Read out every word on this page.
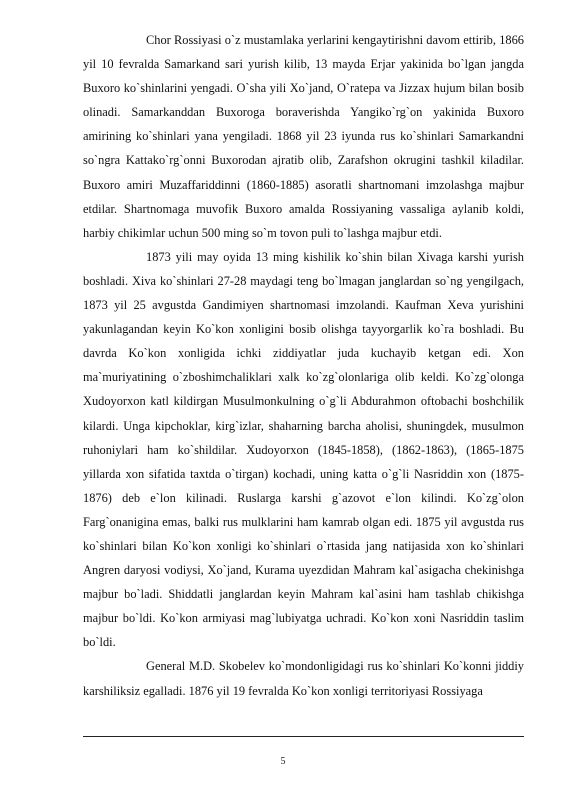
Chor Rossiyasi o`z mustamlaka yerlarini kengaytirishni davom ettirib, 1866 yil 10 fevralda Samarkand sari yurish kilib, 13 mayda Erjar yakinida bo`lgan jangda Buxoro ko`shinlarini yengadi. O`sha yili Xo`jand, O`ratepa va Jizzax hujum bilan bosib olinadi. Samarkanddan Buxoroga boraverishda Yangiko`rg`on yakinida Buxoro amirining ko`shinlari yana yengiladi. 1868 yil 23 iyunda rus ko`shinlari Samarkandni so`ngra Kattako`rg`onni Buxorodan ajratib olib, Zarafshon okrugini tashkil kiladilar. Buxoro amiri Muzaffariddinni (1860-1885) asoratli shartnomani imzolashga majbur etdilar. Shartnomaga muvofik Buxoro amalda Rossiyaning vassaliga aylanib koldi, harbiy chikimlar uchun 500 ming so`m tovon puli to`lashga majbur etdi.

1873 yili may oyida 13 ming kishilik ko`shin bilan Xivaga karshi yurish boshladi. Xiva ko`shinlari 27-28 maydagi teng bo`lmagan janglardan so`ng yengilgach, 1873 yil 25 avgustda Gandimiyen shartnomasi imzolandi. Kaufman Xeva yurishini yakunlagandan keyin Ko`kon xonligini bosib olishga tayyorgarlik ko`ra boshladi. Bu davrda Ko`kon xonligida ichki ziddiyatlar juda kuchayib ketgan edi. Xon ma`muriyatining o`zboshimchaliklari xalk ko`zg`olonlariga olib keldi. Ko`zg`olonga Xudoyorxon katl kildirgan Musulmonkulning o`g`li Abdurahmon oftobachi boshchilik kilardi. Unga kipchoklar, kirg`izlar, shaharning barcha aholisi, shuningdek, musulmon ruhoniylari ham ko`shildilar. Xudoyorxon (1845-1858), (1862-1863), (1865-1875 yillarda xon sifatida taxtda o`tirgan) kochadi, uning katta o`g`li Nasriddin xon (1875-1876) deb e`lon kilinadi. Ruslarga karshi g`azovot e`lon kilindi. Ko`zg`olon Farg`onanigina emas, balki rus mulklarini ham kamrab olgan edi. 1875 yil avgustda rus ko`shinlari bilan Ko`kon xonligi ko`shinlari o`rtasida jang natijasida xon ko`shinlari Angren daryosi vodiysi, Xo`jand, Kurama uyezdidan Mahram kal`asigacha chekinishga majbur bo`ladi. Shiddatli janglardan keyin Mahram kal`asini ham tashlab chikishga majbur bo`ldi. Ko`kon armiyasi mag`lubiyatga uchradi. Ko`kon xoni Nasriddin taslim bo`ldi.

General M.D. Skobelev ko`mondonligidagi rus ko`shinlari Ko`konni jiddiy karshiliksiz egalladi. 1876 yil 19 fevralda Ko`kon xonligi territoriyasi Rossiyaga

5
